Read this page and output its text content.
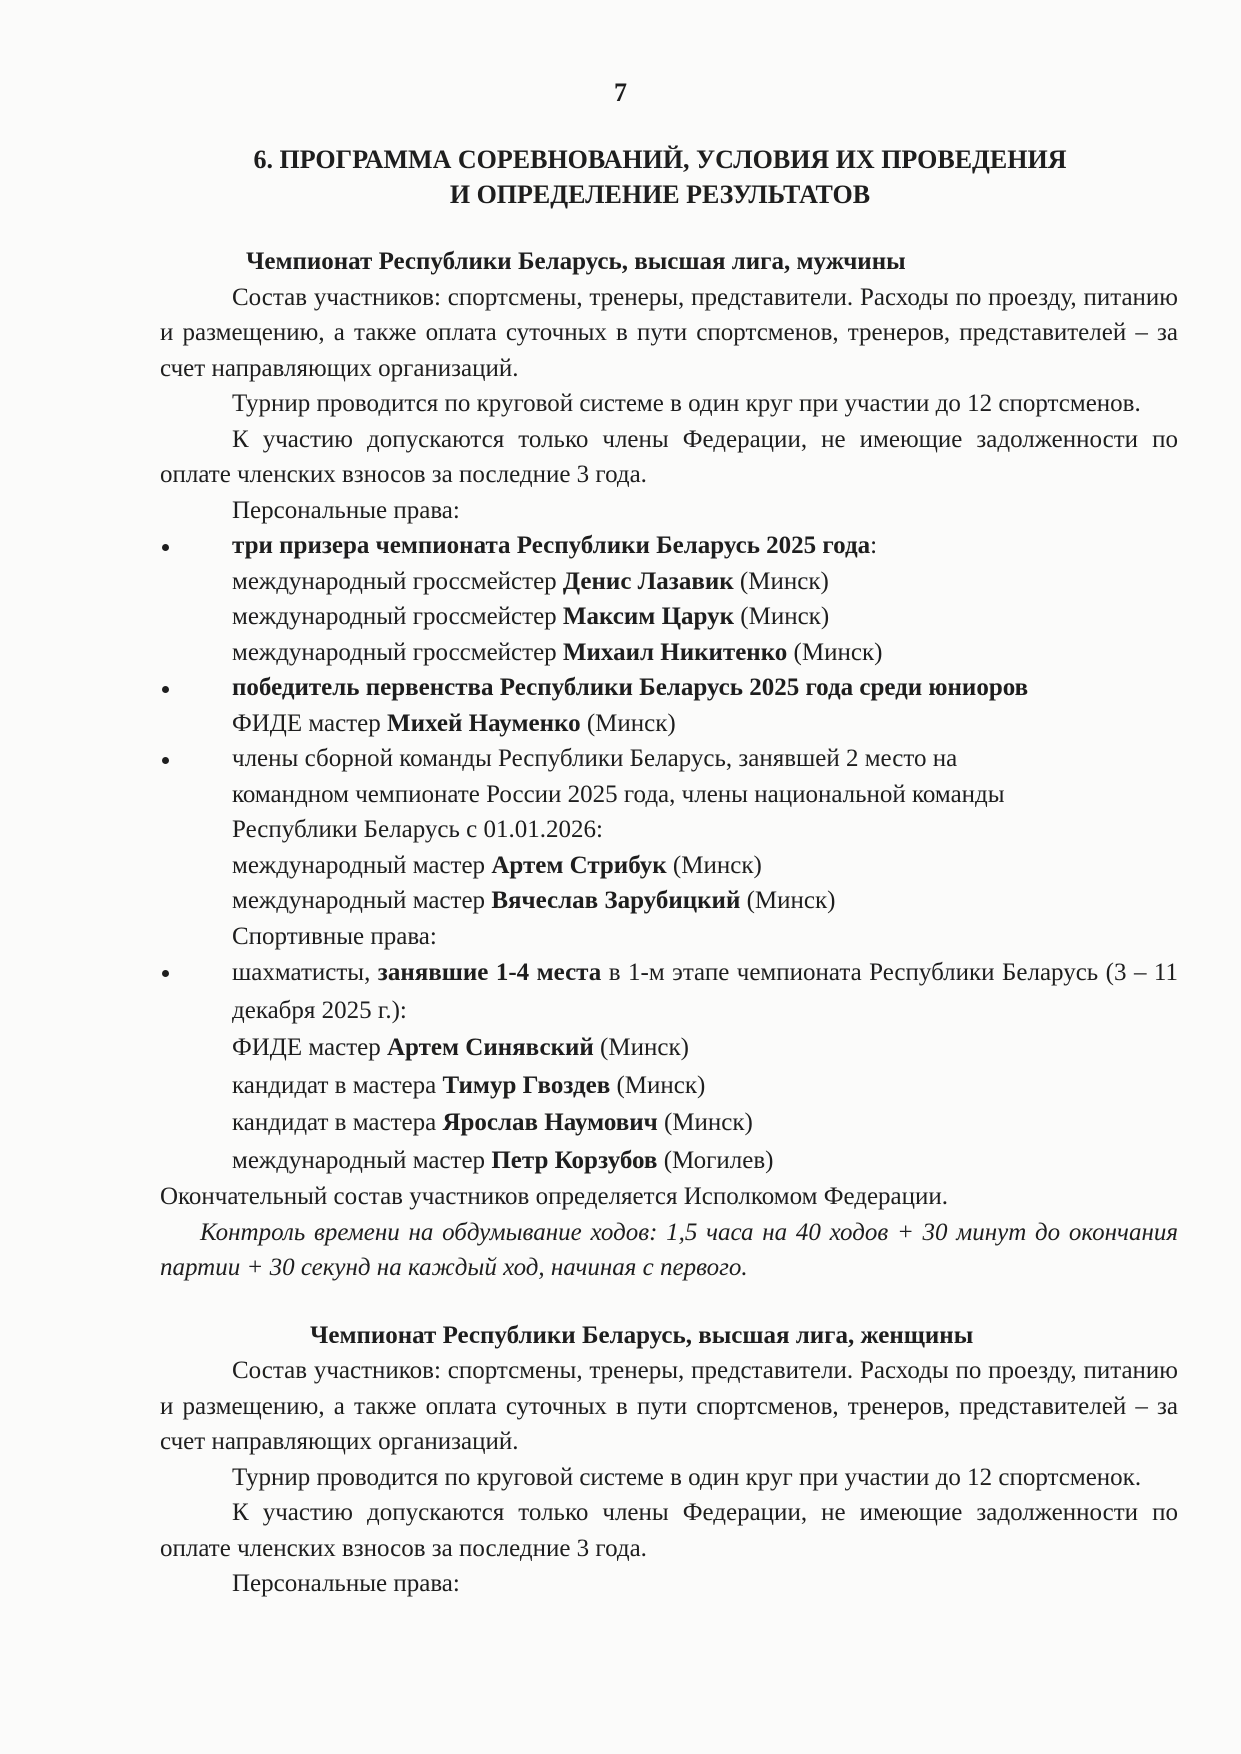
7
6. ПРОГРАММА СОРЕВНОВАНИЙ, УСЛОВИЯ ИХ ПРОВЕДЕНИЯ
И ОПРЕДЕЛЕНИЕ РЕЗУЛЬТАТОВ

Чемпионат Республики Беларусь, высшая лига, мужчины

Состав участников: спортсмены, тренеры, представители. Расходы по проезду, питанию и размещению, а также оплата суточных в пути спортсменов, тренеров, представителей – за счет направляющих организаций.

Турнир проводится по круговой системе в один круг при участии до 12 спортсменов.

К участию допускаются только члены Федерации, не имеющие задолженности по оплате членских взносов за последние 3 года.

Персональные права:

три призера чемпионата Республики Беларусь 2025 года:
международный гроссмейстер Денис Лазавик (Минск)
международный гроссмейстер Максим Царук (Минск)
международный гроссмейстер Михаил Никитенко (Минск)
победитель первенства Республики Беларусь 2025 года среди юниоров
ФИДЕ мастер Михей Науменко (Минск)
члены сборной команды Республики Беларусь, занявшей 2 место на командном чемпионате России 2025 года, члены национальной команды Республики Беларусь с 01.01.2026:
международный мастер Артем Стрибук (Минск)
международный мастер Вячеслав Зарубицкий (Минск)

Спортивные права:

шахматисты, занявшие 1-4 места в 1-м этапе чемпионата Республики Беларусь (3 – 11 декабря 2025 г.):
ФИДЕ мастер Артем Синявский (Минск)
кандидат в мастера Тимур Гвоздев (Минск)
кандидат в мастера Ярослав Наумович (Минск)
международный мастер Петр Корзубов (Могилев)

Окончательный состав участников определяется Исполкомом Федерации.

Контроль времени на обдумывание ходов: 1,5 часа на 40 ходов + 30 минут до окончания партии + 30 секунд на каждый ход, начиная с первого.

Чемпионат Республики Беларусь, высшая лига, женщины

Состав участников: спортсмены, тренеры, представители. Расходы по проезду, питанию и размещению, а также оплата суточных в пути спортсменов, тренеров, представителей – за счет направляющих организаций.

Турнир проводится по круговой системе в один круг при участии до 12 спортсменок.

К участию допускаются только члены Федерации, не имеющие задолженности по оплате членских взносов за последние 3 года.

Персональные права:
